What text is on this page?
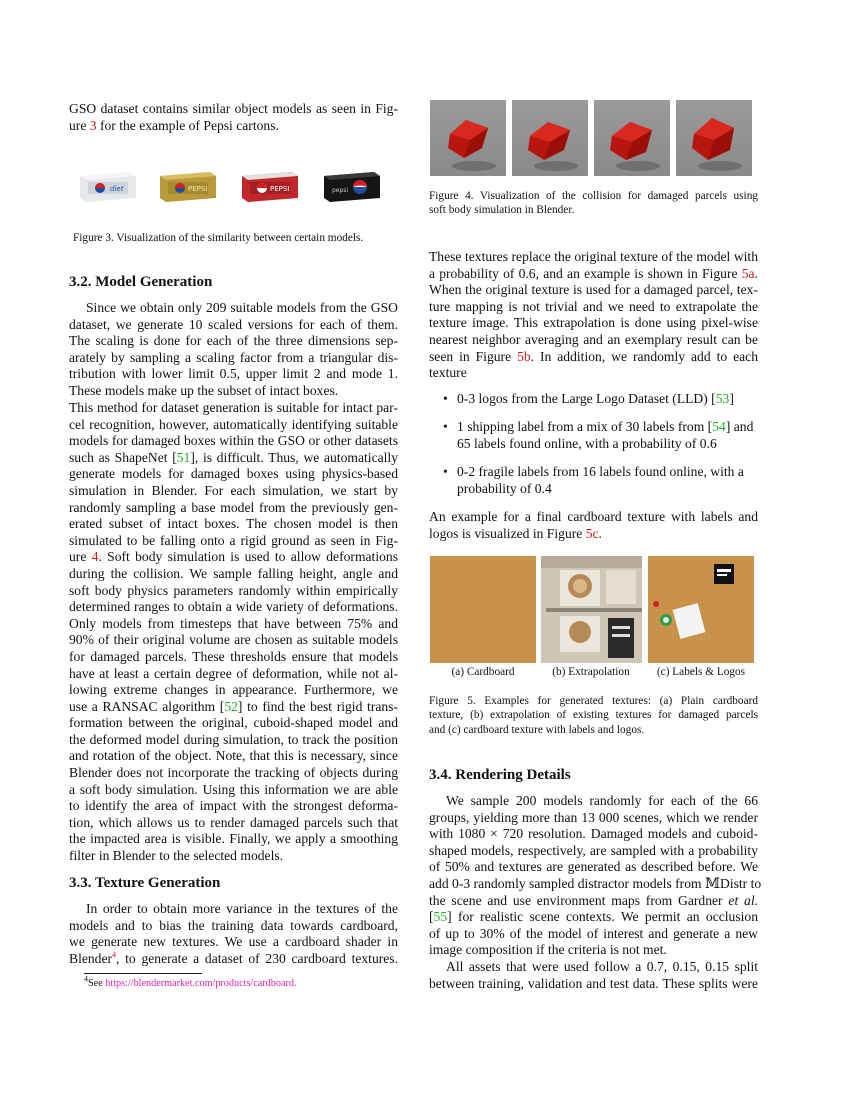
GSO dataset contains similar object models as seen in Fig-
ure 3 for the example of Pepsi cartons.
diet	PEPSI	PEPSI	pepsi
Figure 3. Visualization of the similarity between certain models.
3.2. Model Generation
Since we obtain only 209 suitable models from the GSO
dataset, we generate 10 scaled versions for each of them.
The scaling is done for each of the three dimensions sep-
arately by sampling a scaling factor from a triangular dis-
tribution with lower limit 0.5, upper limit 2 and mode 1.
These models make up the subset of intact boxes.
This method for dataset generation is suitable for intact par-
cel recognition, however, automatically identifying suitable
models for damaged boxes within the GSO or other datasets
such as ShapeNet [51], is difficult. Thus, we automatically
generate models for damaged boxes using physics-based
simulation in Blender. For each simulation, we start by
randomly sampling a base model from the previously gen-
erated subset of intact boxes. The chosen model is then
simulated to be falling onto a rigid ground as seen in Fig-
ure 4. Soft body simulation is used to allow deformations
during the collision. We sample falling height, angle and
soft body physics parameters randomly within empirically
determined ranges to obtain a wide variety of deformations.
Only models from timesteps that have between 75% and
90% of their original volume are chosen as suitable models
for damaged parcels. These thresholds ensure that models
have at least a certain degree of deformation, while not al-
lowing extreme changes in appearance. Furthermore, we
use a RANSAC algorithm [52] to find the best rigid trans-
formation between the original, cuboid-shaped model and
the deformed model during simulation, to track the position
and rotation of the object. Note, that this is necessary, since
Blender does not incorporate the tracking of objects during
a soft body simulation. Using this information we are able
to identify the area of impact with the strongest deforma-
tion, which allows us to render damaged parcels such that
the impacted area is visible. Finally, we apply a smoothing
filter in Blender to the selected models.
3.3. Texture Generation
In order to obtain more variance in the textures of the
models and to bias the training data towards cardboard,
we generate new textures. We use a cardboard shader in
Blender$^4$, to generate a dataset of 230 cardboard textures.
$^4$See https://blendermarket.com/products/cardboard.
Figure 4. Visualization of the collision for damaged parcels using
soft body simulation in Blender.
These textures replace the original texture of the model with
a probability of 0.6, and an example is shown in Figure 5a.
When the original texture is used for a damaged parcel, tex-
ture mapping is not trivial and we need to extrapolate the
texture image. This extrapolation is done using pixel-wise
nearest neighbor averaging and an exemplary result can be
seen in Figure 5b. In addition, we randomly add to each
texture
• 0-3 logos from the Large Logo Dataset (LLD) [53]
• 1 shipping label from a mix of 30 labels from [54] and
65 labels found online, with a probability of 0.6
• 0-2 fragile labels from 16 labels found online, with a
probability of 0.4
An example for a final cardboard texture with labels and
logos is visualized in Figure 5c.
(a) Cardboard	(b) Extrapolation	(c) Labels & Logos
Figure 5. Examples for generated textures: (a) Plain cardboard
texture, (b) extrapolation of existing textures for damaged parcels
and (c) cardboard texture with labels and logos.
3.4. Rendering Details
We sample 200 models randomly for each of the 66
groups, yielding more than 13 000 scenes, which we render
with 1080 × 720 resolution. Damaged models and cuboid-
shaped models, respectively, are sampled with a probability
of 50% and textures are generated as described before. We
add 0-3 randomly sampled distractor models from 𝕄Distr to
the scene and use environment maps from Gardner et al.
[55] for realistic scene contexts. We permit an occlusion
of up to 30% of the model of interest and generate a new
image composition if the criteria is not met.
All assets that were used follow a 0.7, 0.15, 0.15 split
between training, validation and test data. These splits were
